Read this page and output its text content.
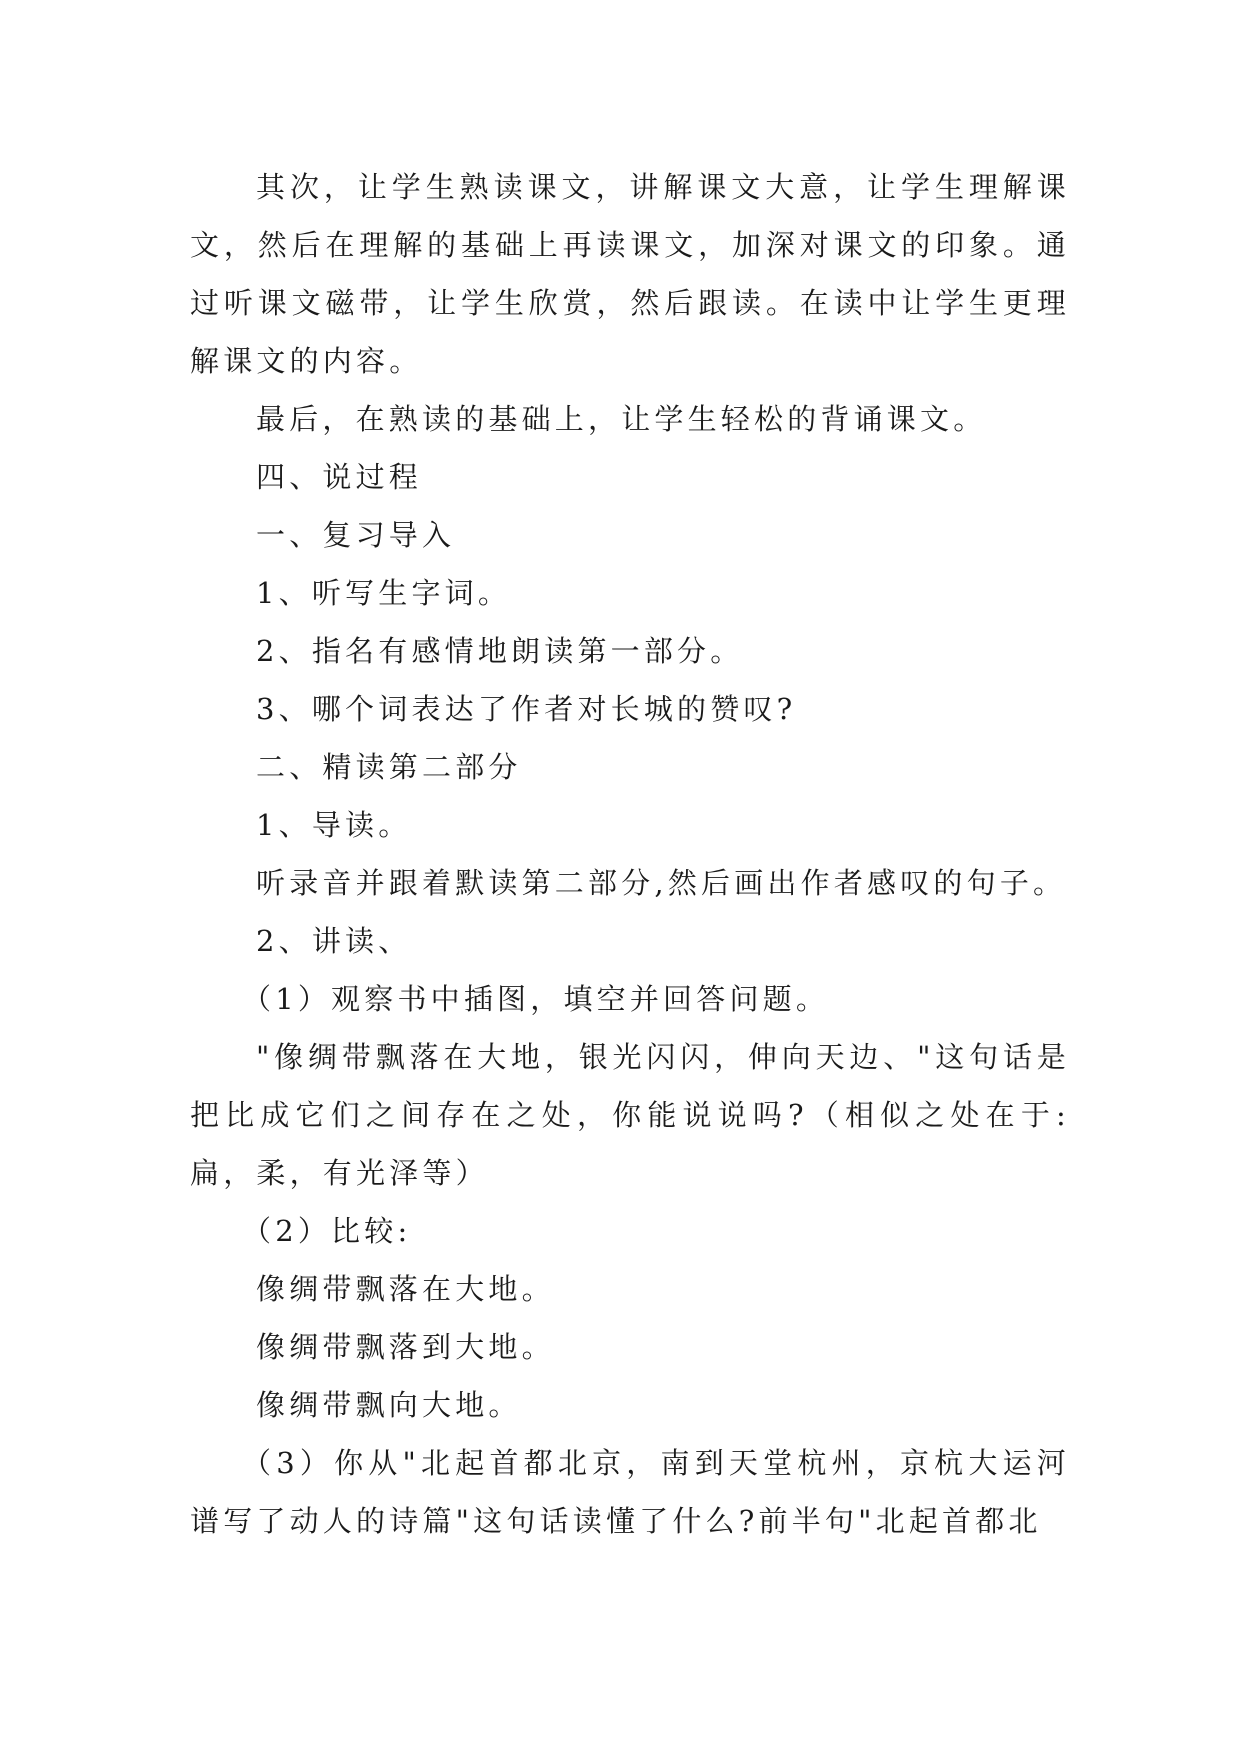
其次，让学生熟读课文，讲解课文大意，让学生理解课文，然后在理解的基础上再读课文，加深对课文的印象。通过听课文磁带，让学生欣赏，然后跟读。在读中让学生更理解课文的内容。

最后，在熟读的基础上，让学生轻松的背诵课文。

四、说过程

一、复习导入

1、听写生字词。

2、指名有感情地朗读第一部分。

3、哪个词表达了作者对长城的赞叹?

二、精读第二部分

1、导读。

听录音并跟着默读第二部分,然后画出作者感叹的句子。

2、讲读、

（1）观察书中插图，填空并回答问题。

"像绸带飘落在大地，银光闪闪，伸向天边、"这句话是把比成它们之间存在之处，你能说说吗?（相似之处在于:扁，柔，有光泽等）

（2）比较:

像绸带飘落在大地。

像绸带飘落到大地。

像绸带飘向大地。

（3）你从"北起首都北京，南到天堂杭州，京杭大运河谱写了动人的诗篇"这句话读懂了什么?前半句"北起首都北
